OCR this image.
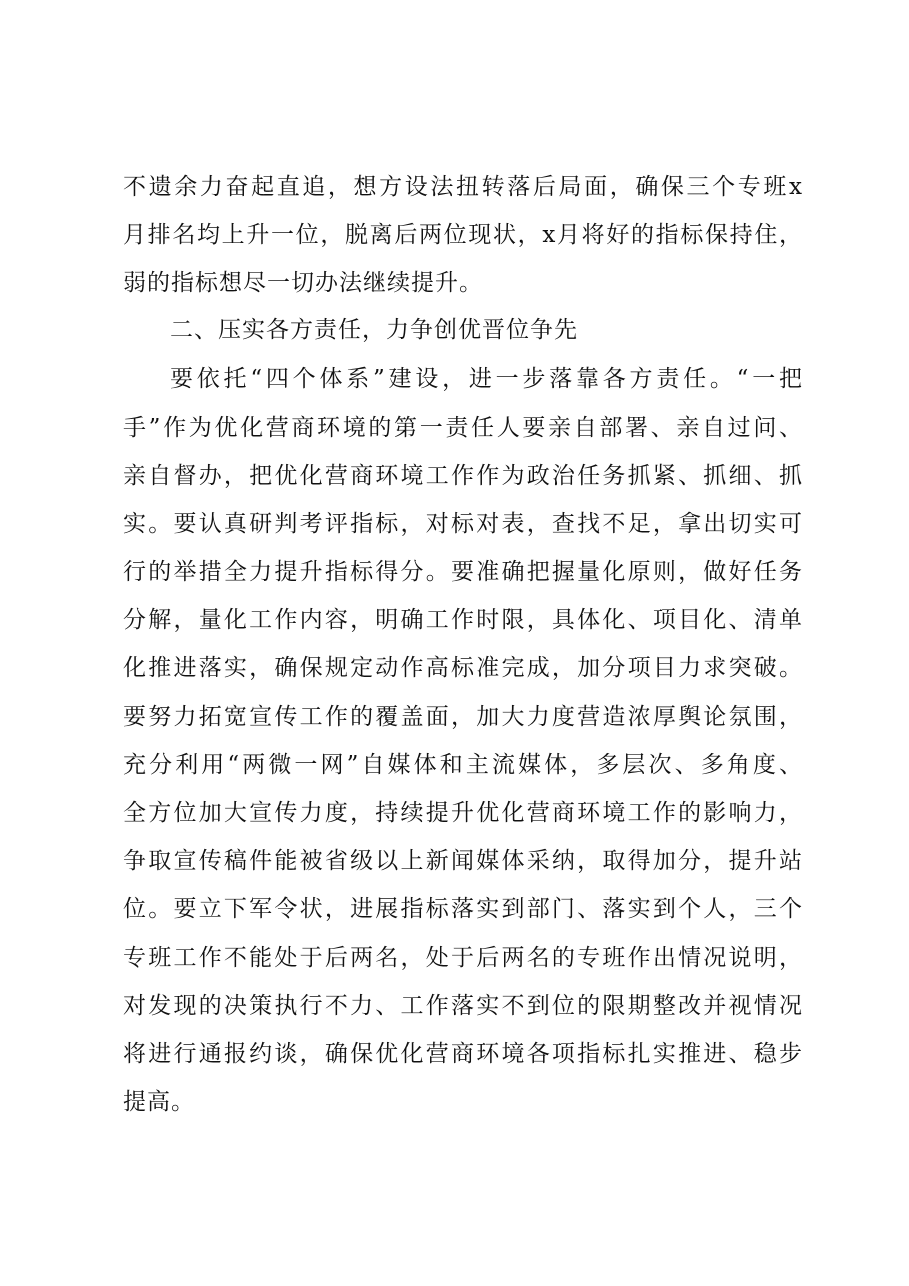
不遗余力奋起直追，想方设法扭转落后局面，确保三个专班x
月排名均上升一位，脱离后两位现状，x月将好的指标保持住，
弱的指标想尽一切办法继续提升。
二、压实各方责任，力争创优晋位争先
要依托“四个体系”建设，进一步落靠各方责任。“一把
手”作为优化营商环境的第一责任人要亲自部署、亲自过问、
亲自督办，把优化营商环境工作作为政治任务抓紧、抓细、抓
实。要认真研判考评指标，对标对表，查找不足，拿出切实可
行的举措全力提升指标得分。要准确把握量化原则，做好任务
分解，量化工作内容，明确工作时限，具体化、项目化、清单
化推进落实，确保规定动作高标准完成，加分项目力求突破。
要努力拓宽宣传工作的覆盖面，加大力度营造浓厚舆论氛围，
充分利用“两微一网”自媒体和主流媒体，多层次、多角度、
全方位加大宣传力度，持续提升优化营商环境工作的影响力，
争取宣传稿件能被省级以上新闻媒体采纳，取得加分，提升站
位。要立下军令状，进展指标落实到部门、落实到个人，三个
专班工作不能处于后两名，处于后两名的专班作出情况说明，
对发现的决策执行不力、工作落实不到位的限期整改并视情况
将进行通报约谈，确保优化营商环境各项指标扎实推进、稳步
提高。
